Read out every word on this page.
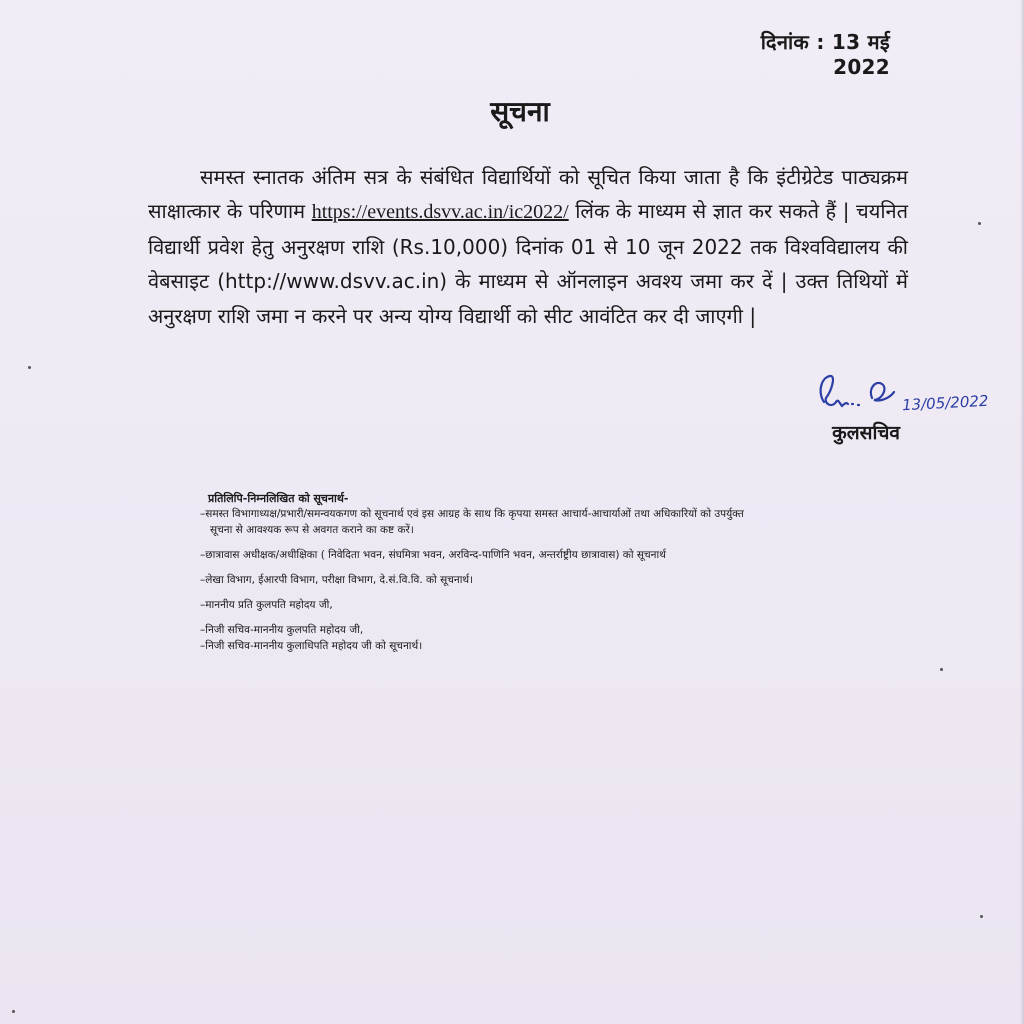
दिनांक : 13 मई 2022
सूचना
समस्त स्नातक अंतिम सत्र के संबंधित विद्यार्थियों को सूचित किया जाता है कि इंटीग्रेटेड पाठ्यक्रम साक्षात्कार के परिणाम https://events.dsvv.ac.in/ic2022/ लिंक के माध्यम से ज्ञात कर सकते हैं | चयनित विद्यार्थी प्रवेश हेतु अनुरक्षण राशि (Rs.10,000) दिनांक 01 से 10 जून 2022 तक विश्वविद्यालय की वेबसाइट (http://www.dsvv.ac.in) के माध्यम से ऑनलाइन अवश्य जमा कर दें | उक्त तिथियों में अनुरक्षण राशि जमा न करने पर अन्य योग्य विद्यार्थी को सीट आवंटित कर दी जाएगी |
13/05/2022
कुलसचिव
प्रतिलिपि-निम्नलिखित को सूचनार्थ-
–समस्त विभागाध्यक्ष/प्रभारी/समन्वयकगण को सूचनार्थ एवं इस आग्रह के साथ कि कृपया समस्त आचार्य-आचार्याओं तथा अधिकारियों को उपर्युक्त
सूचना से आवश्यक रूप से अवगत कराने का कष्ट करें।
–छात्रावास अधीक्षक/अधीक्षिका ( निवेदिता भवन, संघमित्रा भवन, अरविन्द-पाणिनि भवन, अन्तर्राष्ट्रीय छात्रावास) को सूचनार्थ
–लेखा विभाग, ईआरपी विभाग, परीक्षा विभाग, दे.सं.वि.वि. को सूचनार्थ।
–माननीय प्रति कुलपति महोदय जी,
–निजी सचिव-माननीय कुलपति महोदय जी,
–निजी सचिव-माननीय कुलाधिपति महोदय जी को सूचनार्थ।
